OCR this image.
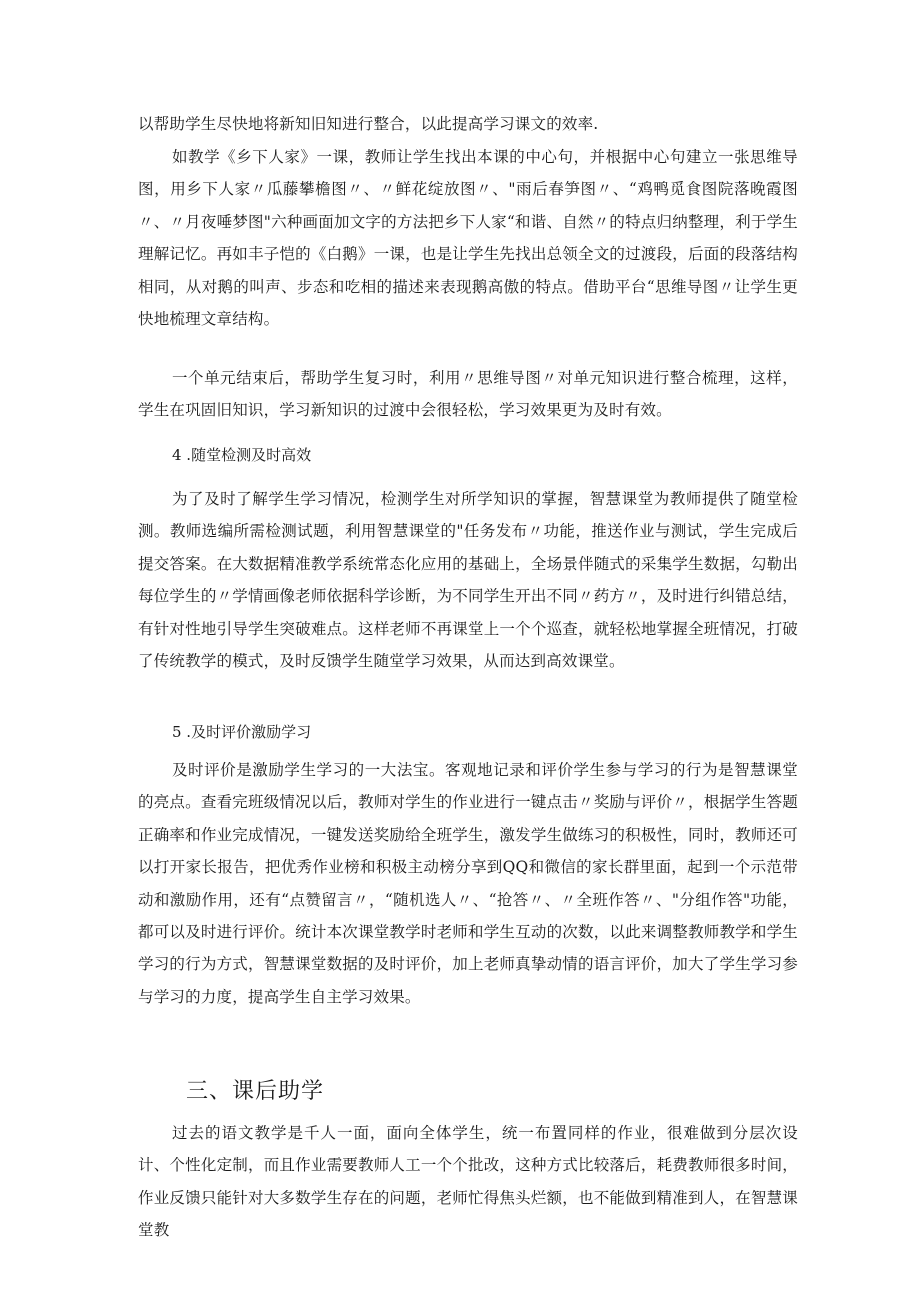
以帮助学生尽快地将新知旧知进行整合，以此提高学习课文的效率.

如教学《乡下人家》一课，教师让学生找出本课的中心句，并根据中心句建立一张思维导图，用乡下人家〃瓜藤攀檐图〃、〃鲜花绽放图〃、"雨后春笋图〃、“鸡鸭觅食图院落晚霞图〃、〃月夜唾梦图"六种画面加文字的方法把乡下人家“和谐、自然〃的特点归纳整理，利于学生理解记忆。再如丰子恺的《白鹅》一课，也是让学生先找出总领全文的过渡段，后面的段落结构相同，从对鹅的叫声、步态和吃相的描述来表现鹅高傲的特点。借助平台“思维导图〃让学生更快地梳理文章结构。

一个单元结束后，帮助学生复习时，利用〃思维导图〃对单元知识进行整合梳理，这样，学生在巩固旧知识，学习新知识的过渡中会很轻松，学习效果更为及时有效。

4 .随堂检测及时高效

为了及时了解学生学习情况，检测学生对所学知识的掌握，智慧课堂为教师提供了随堂检测。教师选编所需检测试题，利用智慧课堂的"任务发布〃功能，推送作业与测试，学生完成后提交答案。在大数据精准教学系统常态化应用的基础上，全场景伴随式的采集学生数据，勾勒出每位学生的〃学情画像老师依据科学诊断，为不同学生开出不同〃药方〃，及时进行纠错总结，有针对性地引导学生突破难点。这样老师不再课堂上一个个巡查，就轻松地掌握全班情况，打破了传统教学的模式，及时反馈学生随堂学习效果，从而达到高效课堂。

5 .及时评价激励学习

及时评价是激励学生学习的一大法宝。客观地记录和评价学生参与学习的行为是智慧课堂的亮点。查看完班级情况以后，教师对学生的作业进行一键点击〃奖励与评价〃，根据学生答题正确率和作业完成情况，一键发送奖励给全班学生，激发学生做练习的积极性，同时，教师还可以打开家长报告，把优秀作业榜和积极主动榜分享到QQ和微信的家长群里面，起到一个示范带动和激励作用，还有“点赞留言〃，“随机选人〃、“抢答〃、〃全班作答〃、"分组作答"功能，都可以及时进行评价。统计本次课堂教学时老师和学生互动的次数，以此来调整教师教学和学生学习的行为方式，智慧课堂数据的及时评价，加上老师真挚动情的语言评价，加大了学生学习参与学习的力度，提高学生自主学习效果。

三、课后助学

过去的语文教学是千人一面，面向全体学生，统一布置同样的作业，很难做到分层次设计、个性化定制，而且作业需要教师人工一个个批改，这种方式比较落后，耗费教师很多时间，作业反馈只能针对大多数学生存在的问题，老师忙得焦头烂额，也不能做到精准到人，在智慧课堂教
